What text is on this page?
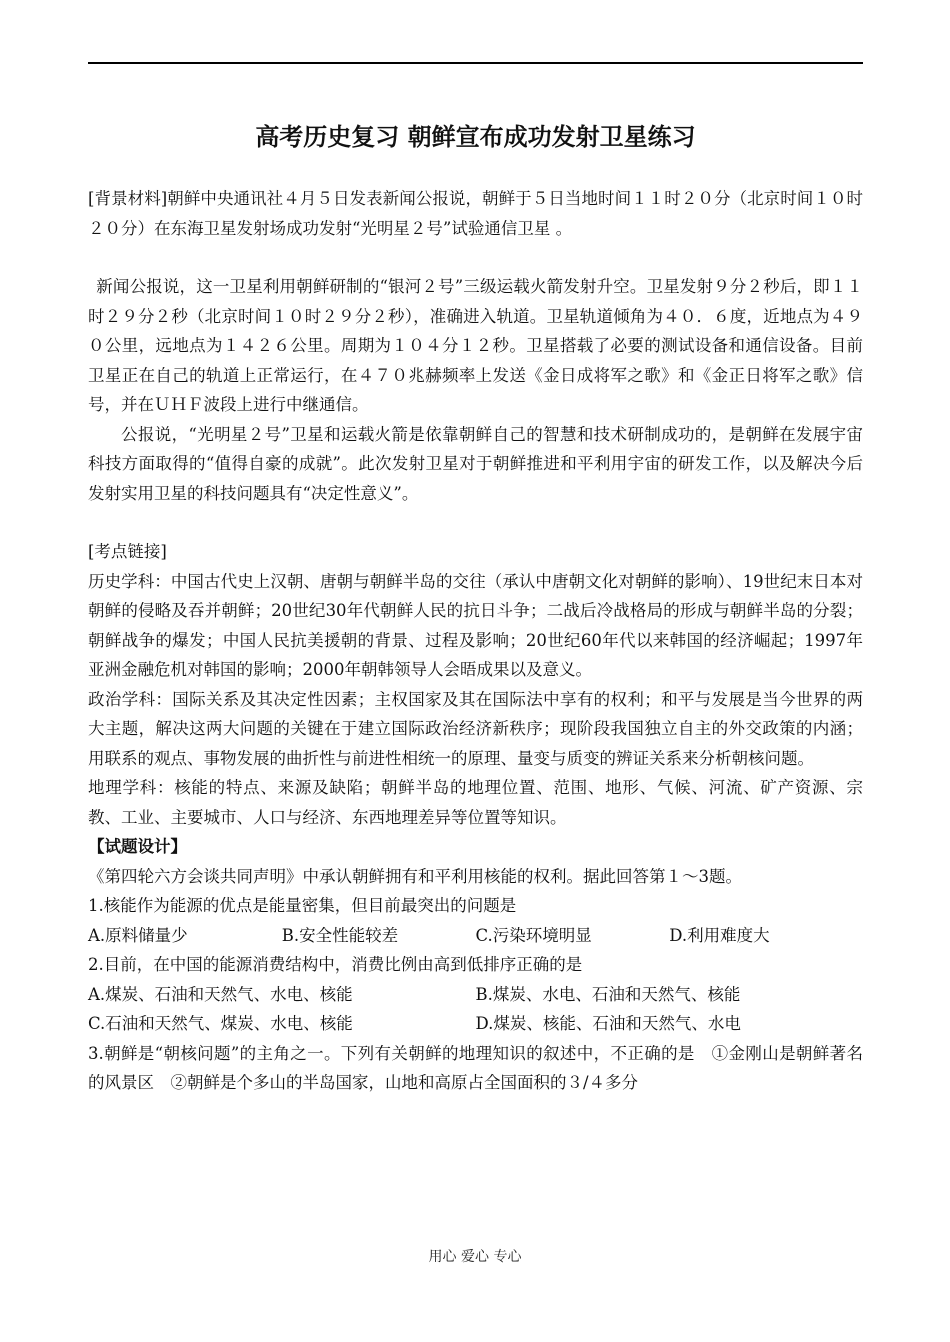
高考历史复习 朝鲜宣布成功发射卫星练习

[背景材料]朝鲜中央通讯社４月５日发表新闻公报说，朝鲜于５日当地时间１１时２０分（北京时间１０时２０分）在东海卫星发射场成功发射“光明星２号”试验通信卫星 。

新闻公报说，这一卫星利用朝鲜研制的“银河２号”三级运载火箭发射升空。卫星发射９分２秒后，即１１时２９分２秒（北京时间１０时２９分２秒），准确进入轨道。卫星轨道倾角为４０．６度，近地点为４９０公里，远地点为１４２６公里。周期为１０４分１２秒。卫星搭载了必要的测试设备和通信设备。目前卫星正在自己的轨道上正常运行，在４７０兆赫频率上发送《金日成将军之歌》和《金正日将军之歌》信号，并在ＵＨＦ波段上进行中继通信。

公报说，“光明星２号”卫星和运载火箭是依靠朝鲜自己的智慧和技术研制成功的，是朝鲜在发展宇宙科技方面取得的“值得自豪的成就”。此次发射卫星对于朝鲜推进和平利用宇宙的研发工作，以及解决今后发射实用卫星的科技问题具有“决定性意义”。

[考点链接]

历史学科：中国古代史上汉朝、唐朝与朝鲜半岛的交往（承认中唐朝文化对朝鲜的影响）、19世纪末日本对朝鲜的侵略及吞并朝鲜；20世纪30年代朝鲜人民的抗日斗争；二战后冷战格局的形成与朝鲜半岛的分裂；朝鲜战争的爆发；中国人民抗美援朝的背景、过程及影响；20世纪60年代以来韩国的经济崛起；1997年亚洲金融危机对韩国的影响；2000年朝韩领导人会晤成果以及意义。

政治学科：国际关系及其决定性因素；主权国家及其在国际法中享有的权利；和平与发展是当今世界的两大主题，解决这两大问题的关键在于建立国际政治经济新秩序；现阶段我国独立自主的外交政策的内涵；用联系的观点、事物发展的曲折性与前进性相统一的原理、量变与质变的辨证关系来分析朝核问题。

地理学科：核能的特点、来源及缺陷；朝鲜半岛的地理位置、范围、地形、气候、河流、矿产资源、宗教、工业、主要城市、人口与经济、东西地理差异等位置等知识。

【试题设计】

《第四轮六方会谈共同声明》中承认朝鲜拥有和平利用核能的权利。据此回答第１～3题。

1.核能作为能源的优点是能量密集，但目前最突出的问题是

A.原料储量少	B.安全性能较差	C.污染环境明显	D.利用难度大

2.目前，在中国的能源消费结构中，消费比例由高到低排序正确的是

A.煤炭、石油和天然气、水电、核能	B.煤炭、水电、石油和天然气、核能
C.石油和天然气、煤炭、水电、核能	D.煤炭、核能、石油和天然气、水电

3.朝鲜是“朝核问题”的主角之一。下列有关朝鲜的地理知识的叙述中，不正确的是　①金刚山是朝鲜著名的风景区　②朝鲜是个多山的半岛国家，山地和高原占全国面积的３/４多分

用心 爱心 专心
